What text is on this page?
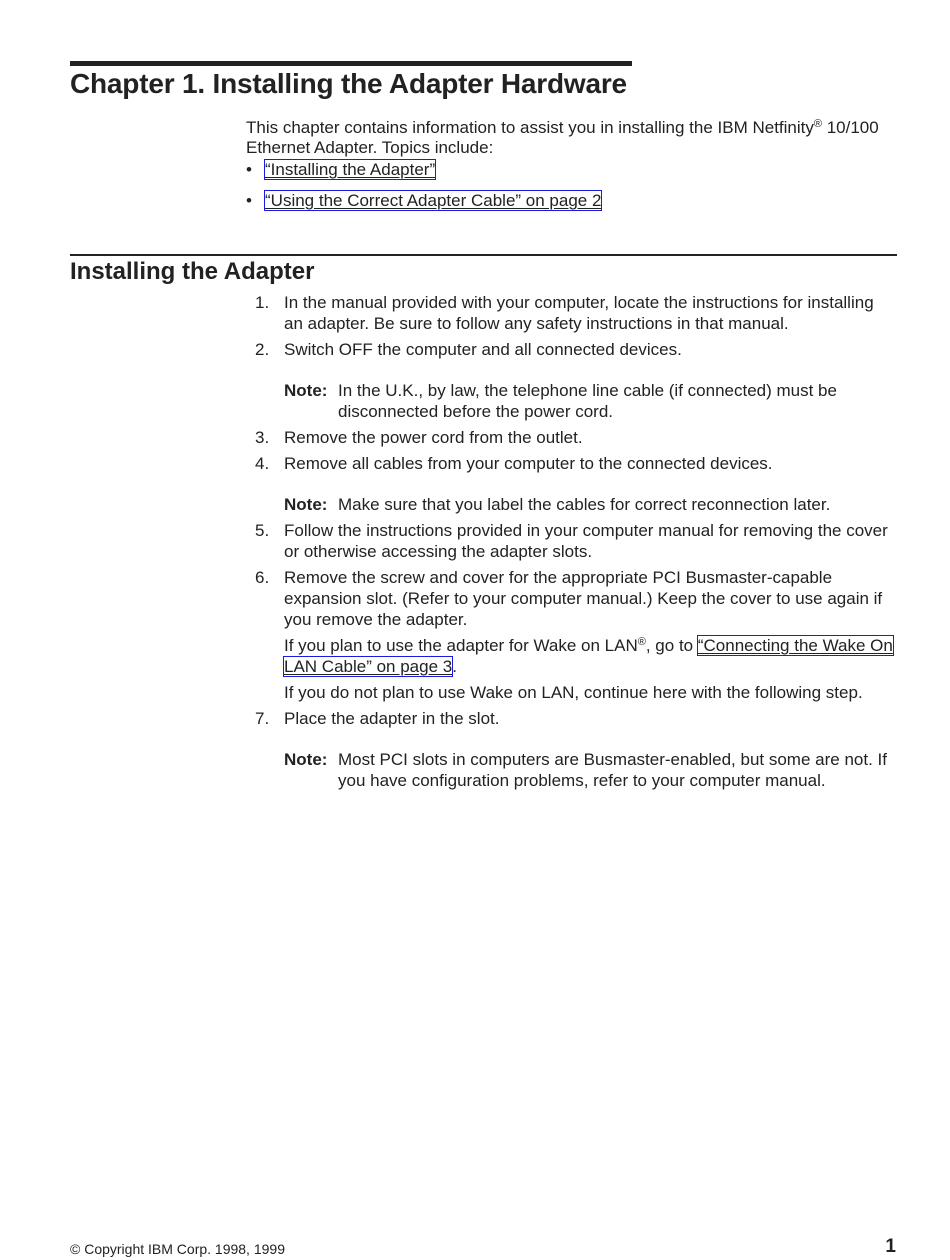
Chapter 1. Installing the Adapter Hardware

This chapter contains information to assist you in installing the IBM Netfinity® 10/100 Ethernet Adapter. Topics include:

• “Installing the Adapter”
• “Using the Correct Adapter Cable” on page 2
Installing the Adapter
1. In the manual provided with your computer, locate the instructions for installing an adapter. Be sure to follow any safety instructions in that manual.

2. Switch OFF the computer and all connected devices.

Note: In the U.K., by law, the telephone line cable (if connected) must be disconnected before the power cord.
3. Remove the power cord from the outlet.

4. Remove all cables from your computer to the connected devices.

Note: Make sure that you label the cables for correct reconnection later.
5. Follow the instructions provided in your computer manual for removing the cover or otherwise accessing the adapter slots.

6. Remove the screw and cover for the appropriate PCI Busmaster-capable expansion slot. (Refer to your computer manual.) Keep the cover to use again if you remove the adapter.

If you plan to use the adapter for Wake on LAN®, go to “Connecting the Wake On LAN Cable” on page 3.

If you do not plan to use Wake on LAN, continue here with the following step.

7. Place the adapter in the slot.

Note: Most PCI slots in computers are Busmaster-enabled, but some are not. If you have configuration problems, refer to your computer manual.
© Copyright IBM Corp. 1998, 1999	1
